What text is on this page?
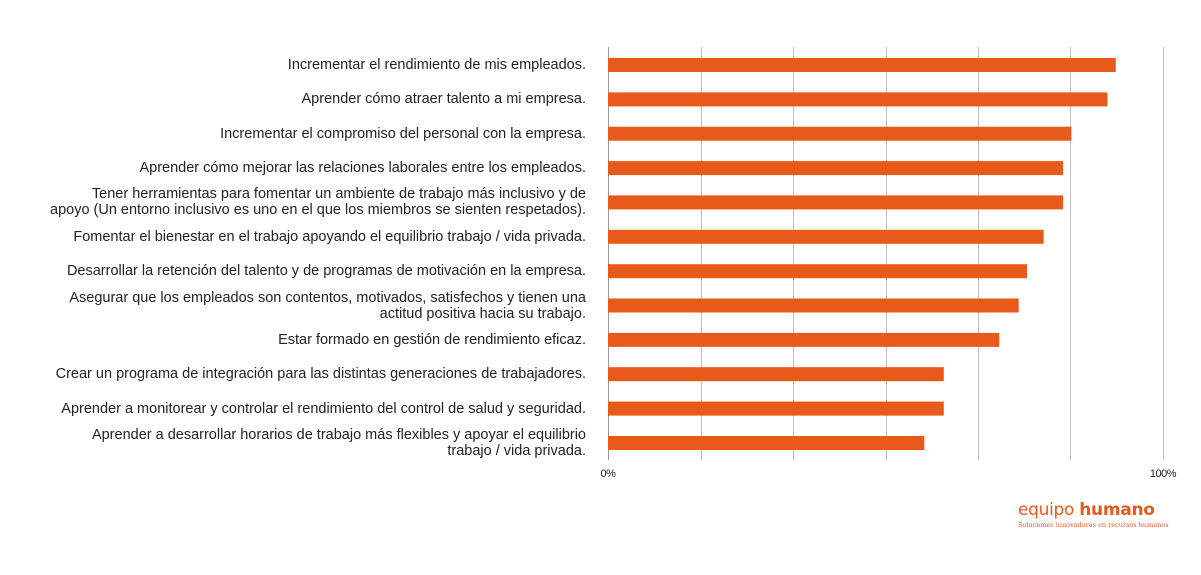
0%	100%
Incrementar el rendimiento de mis empleados.
Aprender cómo atraer talento a mi empresa.
Incrementar el compromiso del personal con la empresa.
Aprender cómo mejorar las relaciones laborales entre los empleados.
Tener herramientas para fomentar un ambiente de trabajo más inclusivo y de
apoyo (Un entorno inclusivo es uno en el que los miembros se sienten respetados).
Fomentar el bienestar en el trabajo apoyando el equilibrio trabajo / vida privada.
Desarrollar la retención del talento y de programas de motivación en la empresa.
Asegurar que los empleados son contentos, motivados, satisfechos y tienen una
actitud positiva hacia su trabajo.
Estar formado en gestión de rendimiento eficaz.
Crear un programa de integración para las distintas generaciones de trabajadores.
Aprender a monitorear y controlar el rendimiento del control de salud y seguridad.
Aprender a desarrollar horarios de trabajo más flexibles y apoyar el equilibrio
trabajo / vida privada.
equipo humano
Soluciones innovadoras en recursos humanos
